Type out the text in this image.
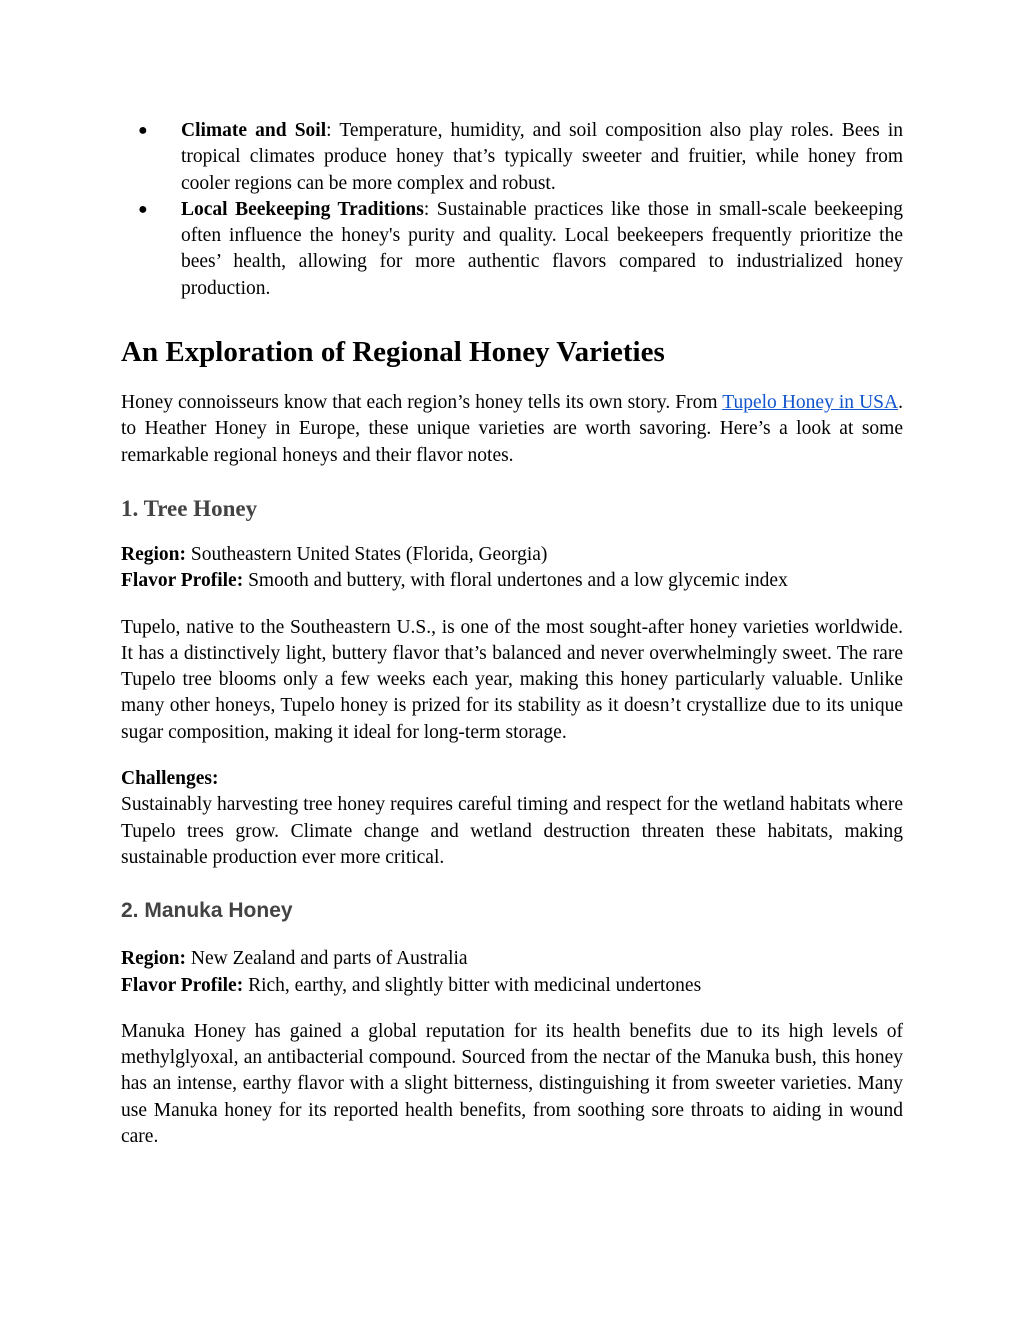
● Climate and Soil: Temperature, humidity, and soil composition also play roles. Bees in tropical climates produce honey that’s typically sweeter and fruitier, while honey from cooler regions can be more complex and robust.
● Local Beekeeping Traditions: Sustainable practices like those in small-scale beekeeping often influence the honey's purity and quality. Local beekeepers frequently prioritize the bees’ health, allowing for more authentic flavors compared to industrialized honey production.
An Exploration of Regional Honey Varieties

Honey connoisseurs know that each region’s honey tells its own story. From Tupelo Honey in USA. to Heather Honey in Europe, these unique varieties are worth savoring. Here’s a look at some remarkable regional honeys and their flavor notes.

1. Tree Honey

Region: Southeastern United States (Florida, Georgia)
Flavor Profile: Smooth and buttery, with floral undertones and a low glycemic index

Tupelo, native to the Southeastern U.S., is one of the most sought-after honey varieties worldwide. It has a distinctively light, buttery flavor that’s balanced and never overwhelmingly sweet. The rare Tupelo tree blooms only a few weeks each year, making this honey particularly valuable. Unlike many other honeys, Tupelo honey is prized for its stability as it doesn’t crystallize due to its unique sugar composition, making it ideal for long-term storage.

Challenges:
Sustainably harvesting tree honey requires careful timing and respect for the wetland habitats where Tupelo trees grow. Climate change and wetland destruction threaten these habitats, making sustainable production ever more critical.

2. Manuka Honey

Region: New Zealand and parts of Australia
Flavor Profile: Rich, earthy, and slightly bitter with medicinal undertones

Manuka Honey has gained a global reputation for its health benefits due to its high levels of methylglyoxal, an antibacterial compound. Sourced from the nectar of the Manuka bush, this honey has an intense, earthy flavor with a slight bitterness, distinguishing it from sweeter varieties. Many use Manuka honey for its reported health benefits, from soothing sore throats to aiding in wound care.
